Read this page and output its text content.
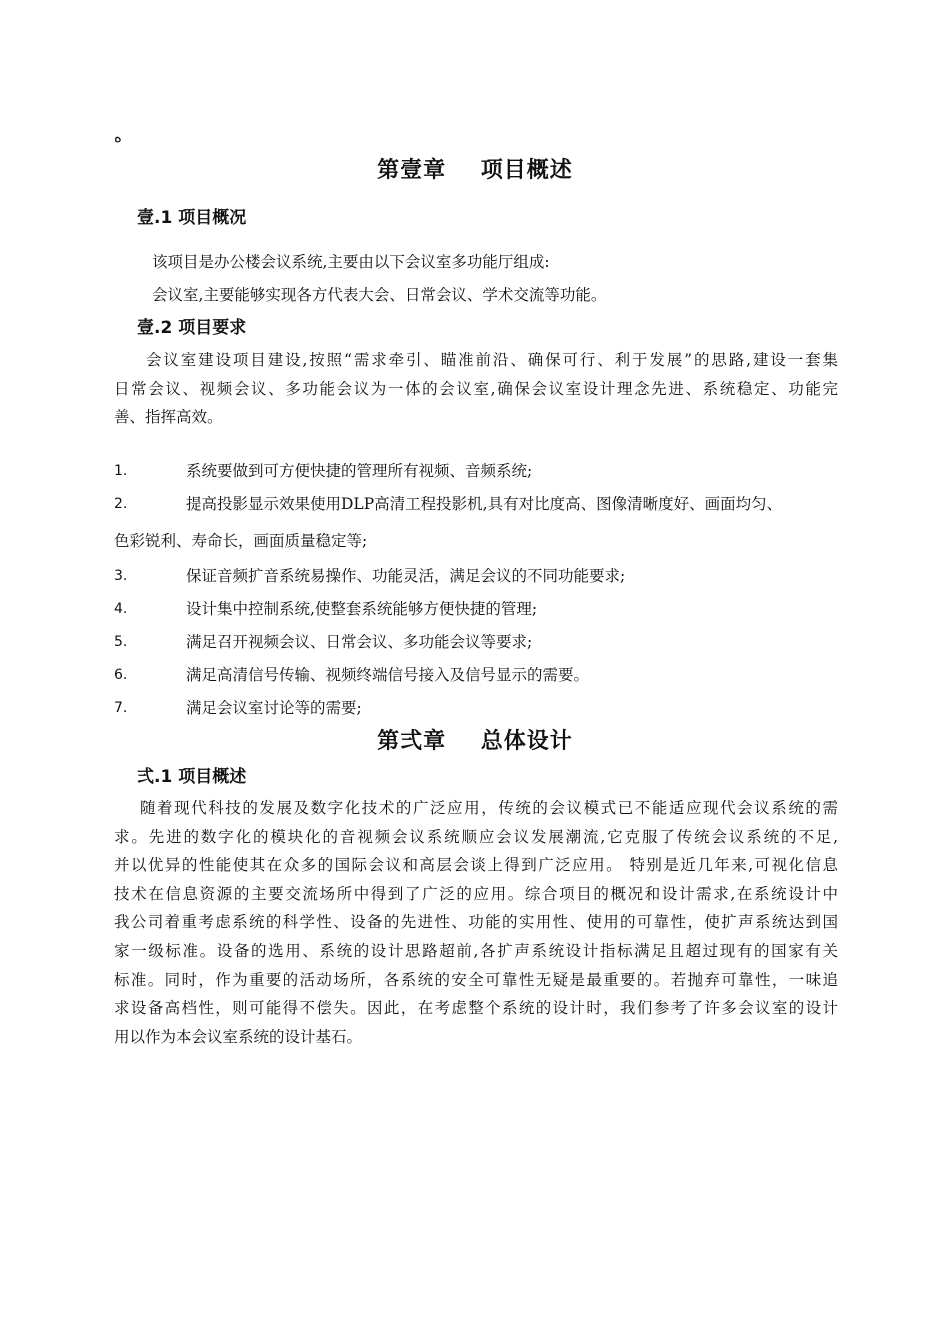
ه
第壹章    项目概述
壹.1 项目概况
该项目是办公楼会议系统,主要由以下会议室多功能厅组成:
会议室,主要能够实现各方代表大会、日常会议、学术交流等功能。
壹.2 项目要求
会议室建设项目建设,按照“需求牵引、瞄准前沿、确保可行、利于发展”的思路,建设一套集
日常会议、视频会议、多功能会议为一体的会议室,确保会议室设计理念先进、系统稳定、功能完
善、指挥高效。
1.	系统要做到可方便快捷的管理所有视频、音频系统;
2.	提高投影显示效果使用DLP高清工程投影机,具有对比度高、图像清晰度好、画面均匀、
色彩锐利、寿命长，画面质量稳定等;
3.	保证音频扩音系统易操作、功能灵活，满足会议的不同功能要求;
4.	设计集中控制系统,使整套系统能够方便快捷的管理;
5.	满足召开视频会议、日常会议、多功能会议等要求;
6.	满足高清信号传输、视频终端信号接入及信号显示的需要。
7.	满足会议室讨论等的需要;
第弍章    总体设计
弍.1 项目概述
随着现代科技的发展及数字化技术的广泛应用，传统的会议模式已不能适应现代会议系统的需
求。先进的数字化的模块化的音视频会议系统顺应会议发展潮流,它克服了传统会议系统的不足,
并以优异的性能使其在众多的国际会议和高层会谈上得到广泛应用。 特别是近几年来,可视化信息
技术在信息资源的主要交流场所中得到了广泛的应用。综合项目的概况和设计需求,在系统设计中
我公司着重考虑系统的科学性、设备的先进性、功能的实用性、使用的可靠性，使扩声系统达到国
家一级标准。设备的选用、系统的设计思路超前,各扩声系统设计指标满足且超过现有的国家有关
标准。同时，作为重要的活动场所，各系统的安全可靠性无疑是最重要的。若抛弃可靠性，一味追
求设备高档性，则可能得不偿失。因此，在考虑整个系统的设计时，我们参考了许多会议室的设计
用以作为本会议室系统的设计基石。
